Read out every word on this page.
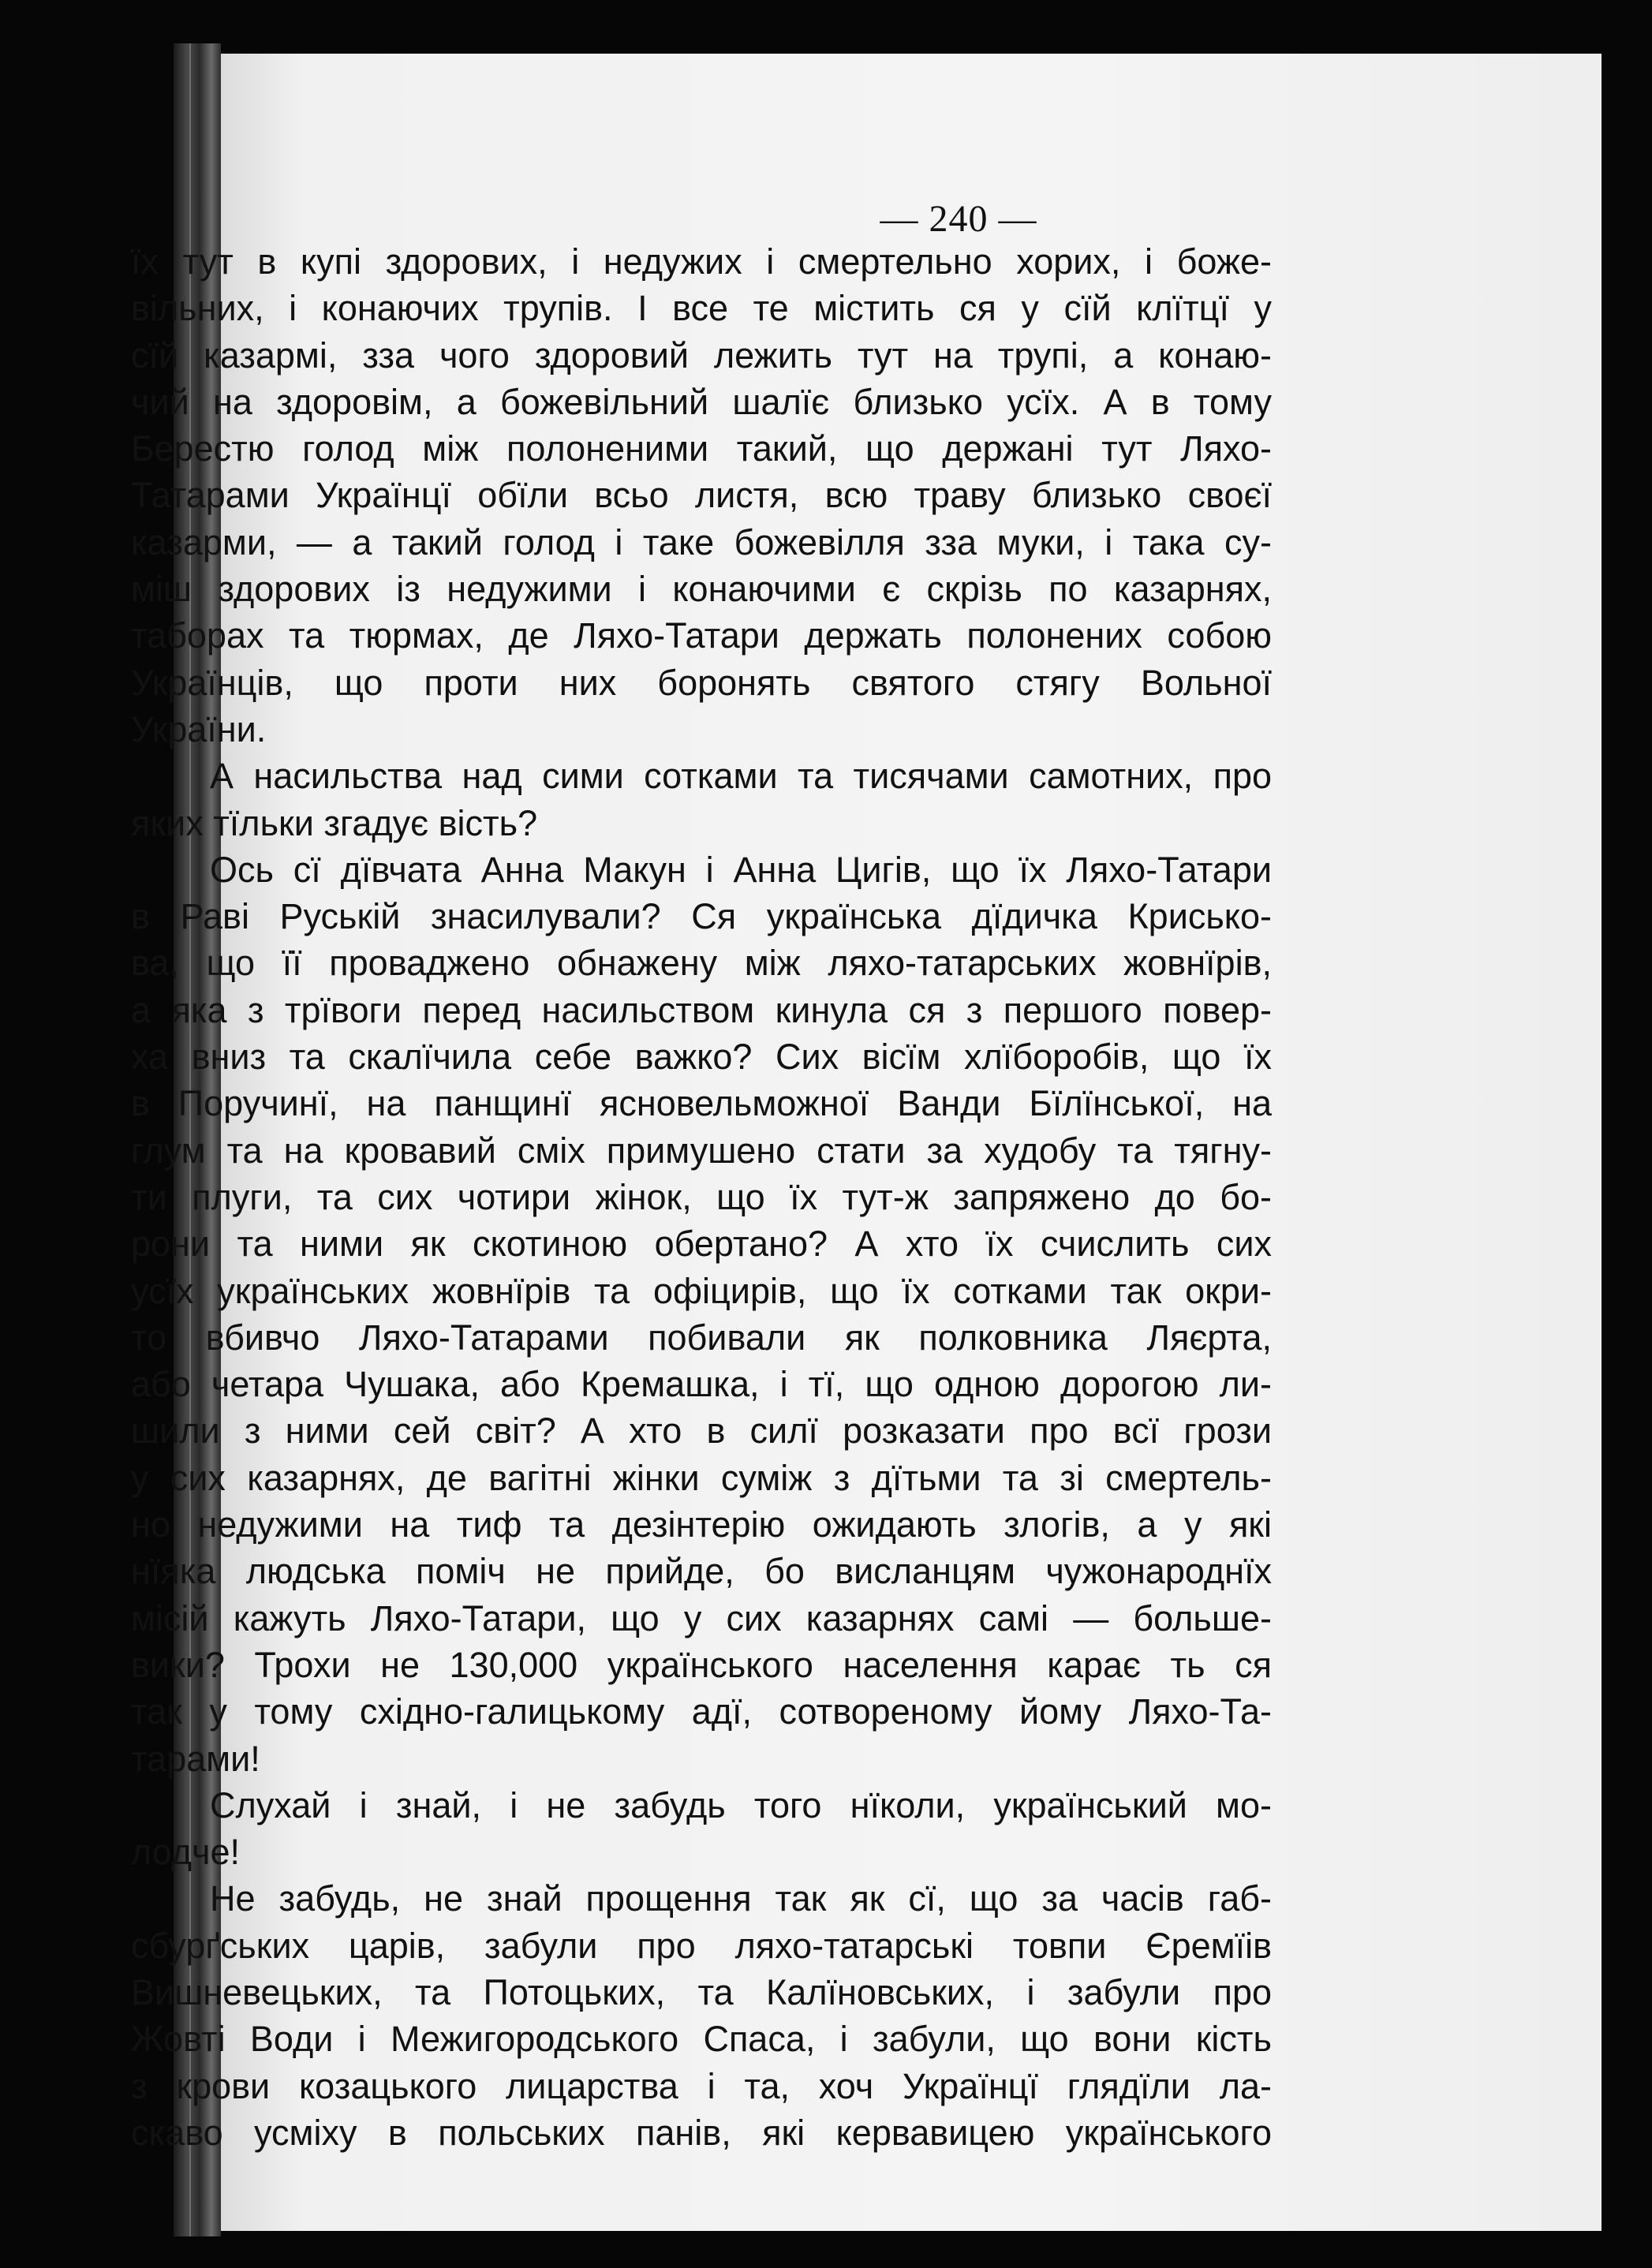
— 240 —
їх тут в купі здорових, і недужих і смертельно хорих, і боже-
вільних, і конаючих трупів. І все те містить ся у сїй клїтцї у
сїй казармі, зза чого здоровий лежить тут на трупі, а конаю-
чий на здоровім, а божевільний шалїє близько усїх. А в тому
Берестю голод між полоненими такий, що держані тут Ляхо-
Татарами Українцї обїли всьо листя, всю траву близько своєї
казарми, — а такий голод і таке божевілля зза муки, і така су-
міш здорових із недужими і конаючими є скрізь по казарнях,
таборах та тюрмах, де Ляхо-Татари держать полонених собою
Українців, що проти них боронять святого стягу Вольної
України.
А насильства над сими сотками та тисячами самотних, про
яких тїльки згадує вість?
Ось сї дївчата Анна Макун і Анна Цигів, що їх Ляхо-Татари
в Раві Руській знасилували? Ся українська дїдичка Крисько-
ва, що її проваджено обнажену між ляхо-татарських жовнїрів,
а яка з трївоги перед насильством кинула ся з першого повер-
ха вниз та скалїчила себе важко? Сих вісїм хлїборобів, що їх
в Поручинї, на панщинї ясновельможної Ванди Бїлїнської, на
глум та на кровавий сміх примушено стати за худобу та тягну-
ти плуги, та сих чотири жінок, що їх тут-ж запряжено до бо-
рони та ними як скотиною обертано? А хто їх счислить сих
усїх українських жовнїрів та офіцирів, що їх сотками так окри-
то вбивчо Ляхо-Татарами побивали як полковника Ляєрта,
або четара Чушака, або Кремашка, і тї, що одною дорогою ли-
шили з ними сей світ? А хто в силї розказати про всї грози
у сих казарнях, де вагітні жінки суміж з дїтьми та зі смертель-
но недужими на тиф та дезінтерію ожидають злогів, а у які
нїяка людська поміч не прийде, бо висланцям чужонароднїх
місій кажуть Ляхо-Татари, що у сих казарнях самі — больше-
вики? Трохи не 130,000 українського населення карає ть ся
так у тому східно-галицькому адї, сотвореному йому Ляхо-Та-
тарами!
Слухай і знай, і не забудь того нїколи, український мо-
лодче!
Не забудь, не знай прощення так як сї, що за часів габ-
сбурґських царів, забули про ляхо-татарські товпи Єремїів
Вишневецьких, та Потоцьких, та Калїновських, і забули про
Жовті Води і Межигородського Спаса, і забули, що вони кість
з крови козацького лицарства і та, хоч Українцї глядїли ла-
скаво усміху в польських панів, які кервавицею українського
